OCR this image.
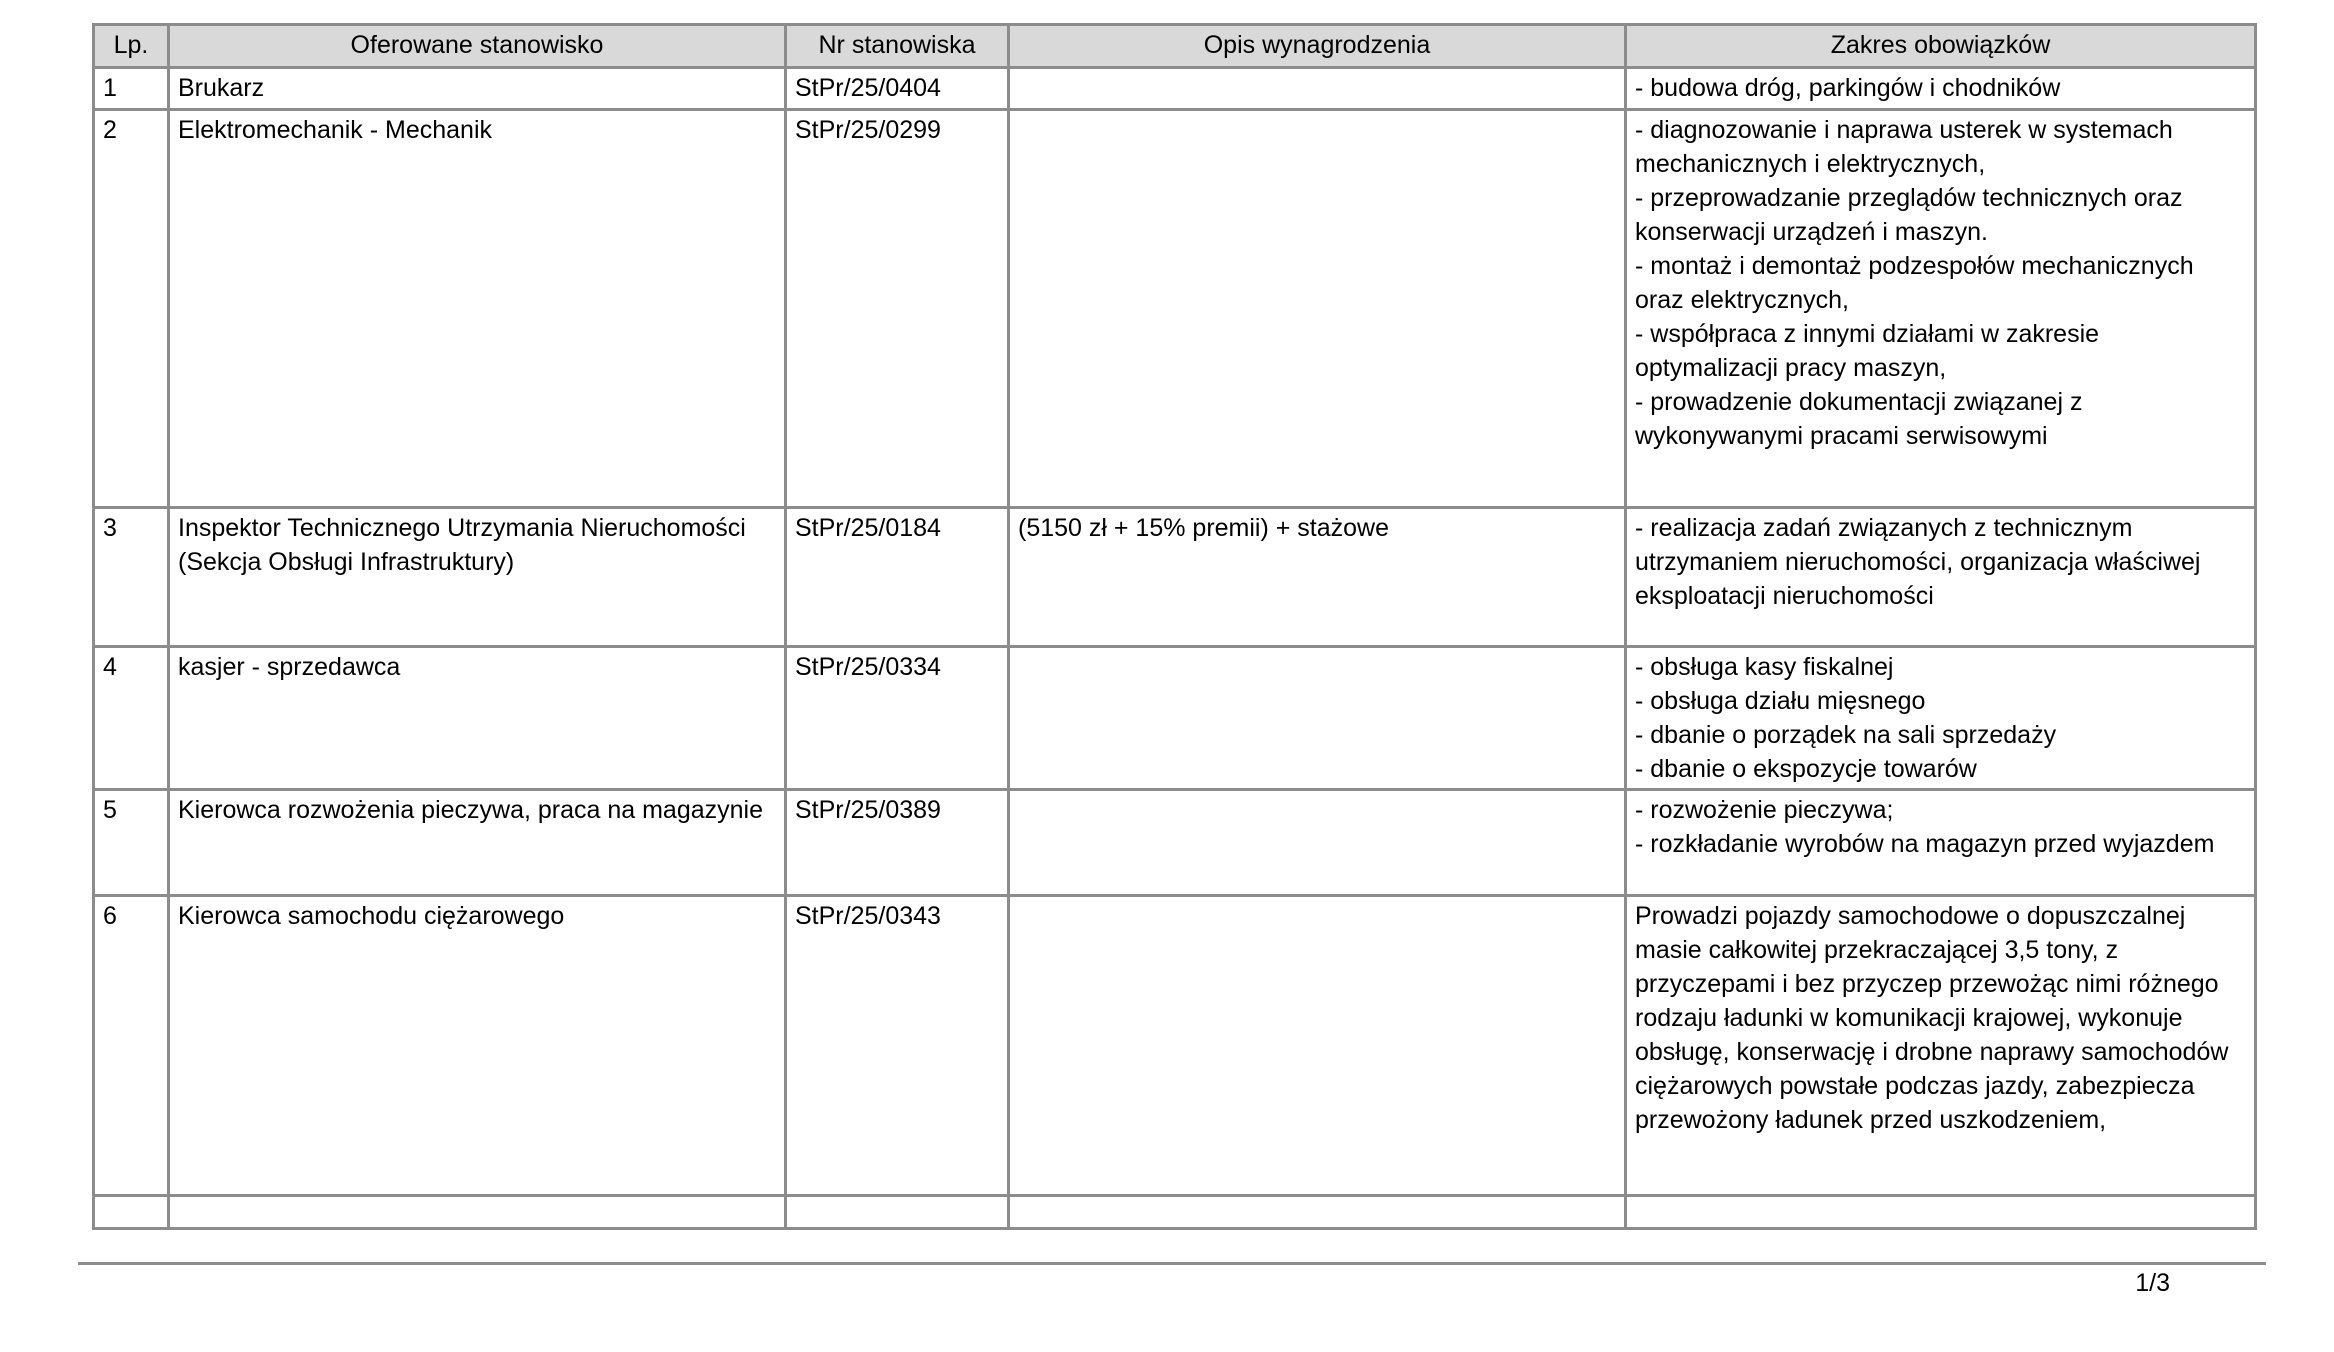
Lp.	Oferowane stanowisko	Nr stanowiska	Opis wynagrodzenia	Zakres obowiązków
1	Brukarz	StPr/25/0404		- budowa dróg, parkingów i chodników
2	Elektromechanik - Mechanik	StPr/25/0299		- diagnozowanie i naprawa usterek w systemach mechanicznych i elektrycznych,
- przeprowadzanie przeglądów technicznych oraz konserwacji urządzeń i maszyn.
- montaż i demontaż podzespołów mechanicznych oraz elektrycznych,
- współpraca z innymi działami w zakresie optymalizacji pracy maszyn,
- prowadzenie dokumentacji związanej z wykonywanymi pracami serwisowymi
3	Inspektor Technicznego Utrzymania Nieruchomości (Sekcja Obsługi Infrastruktury)	StPr/25/0184	(5150 zł + 15% premii) + stażowe	- realizacja zadań związanych z technicznym utrzymaniem nieruchomości, organizacja właściwej eksploatacji nieruchomości
4	kasjer - sprzedawca	StPr/25/0334		- obsługa kasy fiskalnej
- obsługa działu mięsnego
- dbanie o porządek na sali sprzedaży
- dbanie o ekspozycje towarów
5	Kierowca rozwożenia pieczywa, praca na magazynie	StPr/25/0389		- rozwożenie pieczywa;
- rozkładanie wyrobów na magazyn przed wyjazdem
6	Kierowca samochodu ciężarowego	StPr/25/0343		Prowadzi pojazdy samochodowe o dopuszczalnej masie całkowitej przekraczającej 3,5 tony, z przyczepami i bez przyczep przewożąc nimi różnego rodzaju ładunki w komunikacji krajowej, wykonuje obsługę, konserwację i drobne naprawy samochodów ciężarowych powstałe podczas jazdy, zabezpiecza przewożony ładunek przed uszkodzeniem,

1/3
